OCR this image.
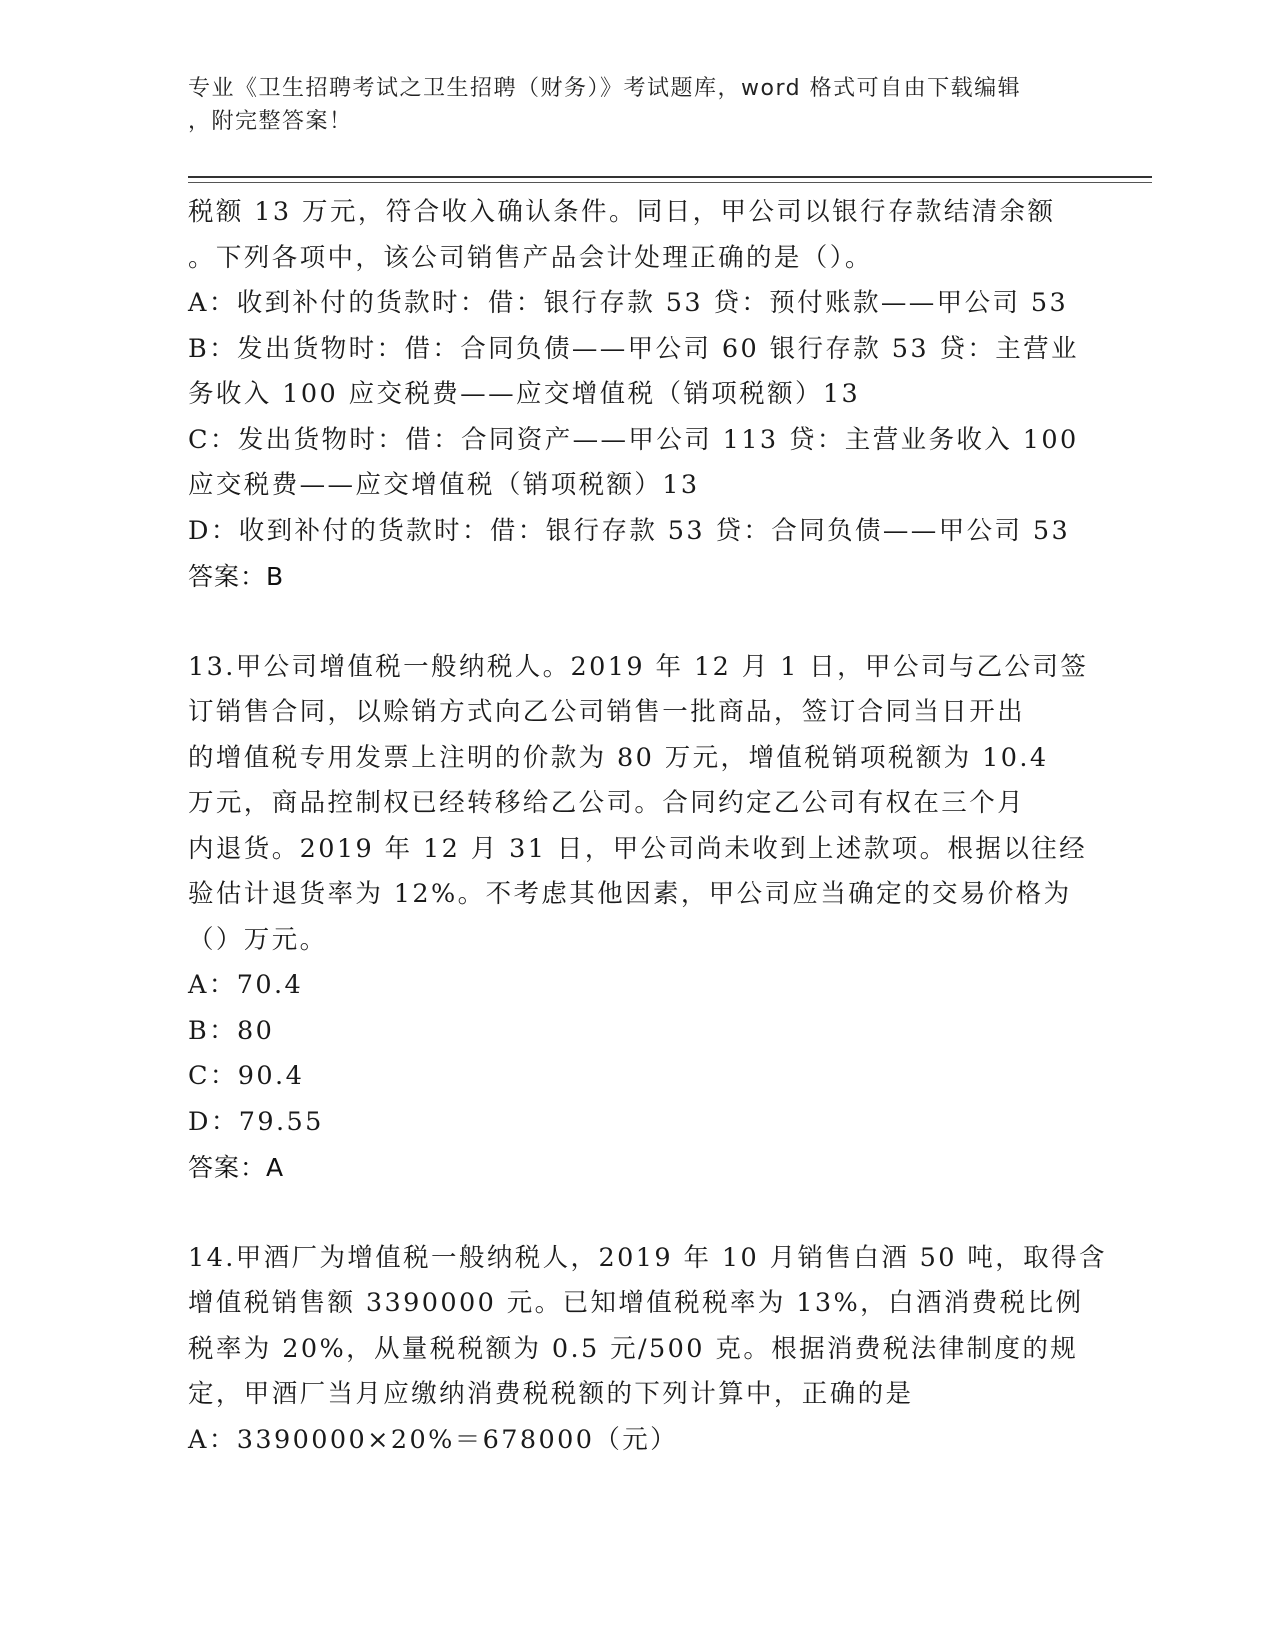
专业《卫生招聘考试之卫生招聘（财务）》考试题库，word 格式可自由下载编辑
，附完整答案！
税额 13 万元，符合收入确认条件。同日，甲公司以银行存款结清余额
。下列各项中，该公司销售产品会计处理正确的是（）。
A：收到补付的货款时：借：银行存款 53 贷：预付账款——甲公司 53
B：发出货物时：借：合同负债——甲公司 60 银行存款 53 贷：主营业
务收入 100 应交税费——应交增值税（销项税额）13
C：发出货物时：借：合同资产——甲公司 113 贷：主营业务收入 100
应交税费——应交增值税（销项税额）13
D：收到补付的货款时：借：银行存款 53 贷：合同负债——甲公司 53
答案：B
13.甲公司增值税一般纳税人。2019 年 12 月 1 日，甲公司与乙公司签
订销售合同，以赊销方式向乙公司销售一批商品，签订合同当日开出
的增值税专用发票上注明的价款为 80 万元，增值税销项税额为 10.4
万元，商品控制权已经转移给乙公司。合同约定乙公司有权在三个月
内退货。2019 年 12 月 31 日，甲公司尚未收到上述款项。根据以往经
验估计退货率为 12%。不考虑其他因素，甲公司应当确定的交易价格为
（）万元。
A：70.4
B：80
C：90.4
D：79.55
答案：A
14.甲酒厂为增值税一般纳税人，2019 年 10 月销售白酒 50 吨，取得含
增值税销售额 3390000 元。已知增值税税率为 13%，白酒消费税比例
税率为 20%，从量税税额为 0.5 元/500 克。根据消费税法律制度的规
定，甲酒厂当月应缴纳消费税税额的下列计算中，正确的是
A：3390000×20%＝678000（元）
